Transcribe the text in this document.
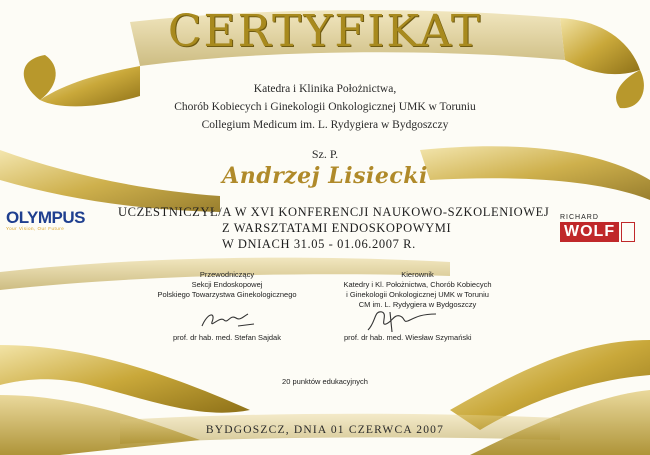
CERTYFIKAT
Katedra i Klinika Położnictwa,
Chorób Kobiecych i Ginekologii Onkologicznej UMK w Toruniu
Collegium Medicum im. L. Rydygiera w Bydgoszczy
Sz. P.
Andrzej Lisiecki
UCZESTNICZYŁ/A W XVI KONFERENCJI NAUKOWO-SZKOLENIOWEJ
Z WARSZTATAMI ENDOSKOPOWYMI
W DNIACH 31.05 - 01.06.2007 R.
OLYMPUS
Your Vision, Our Future
RICHARD
WOLF
Przewodniczący
Sekcji Endoskopowej
Polskiego Towarzystwa Ginekologicznego
Kierownik
Katedry i Kl. Położnictwa, Chorób Kobiecych
i Ginekologii Onkologicznej UMK w Toruniu
CM im. L. Rydygiera w Bydgoszczy
prof. dr hab. med. Stefan Sajdak	prof. dr hab. med. Wiesław Szymański
20 punktów edukacyjnych
BYDGOSZCZ, DNIA 01 CZERWCA 2007
